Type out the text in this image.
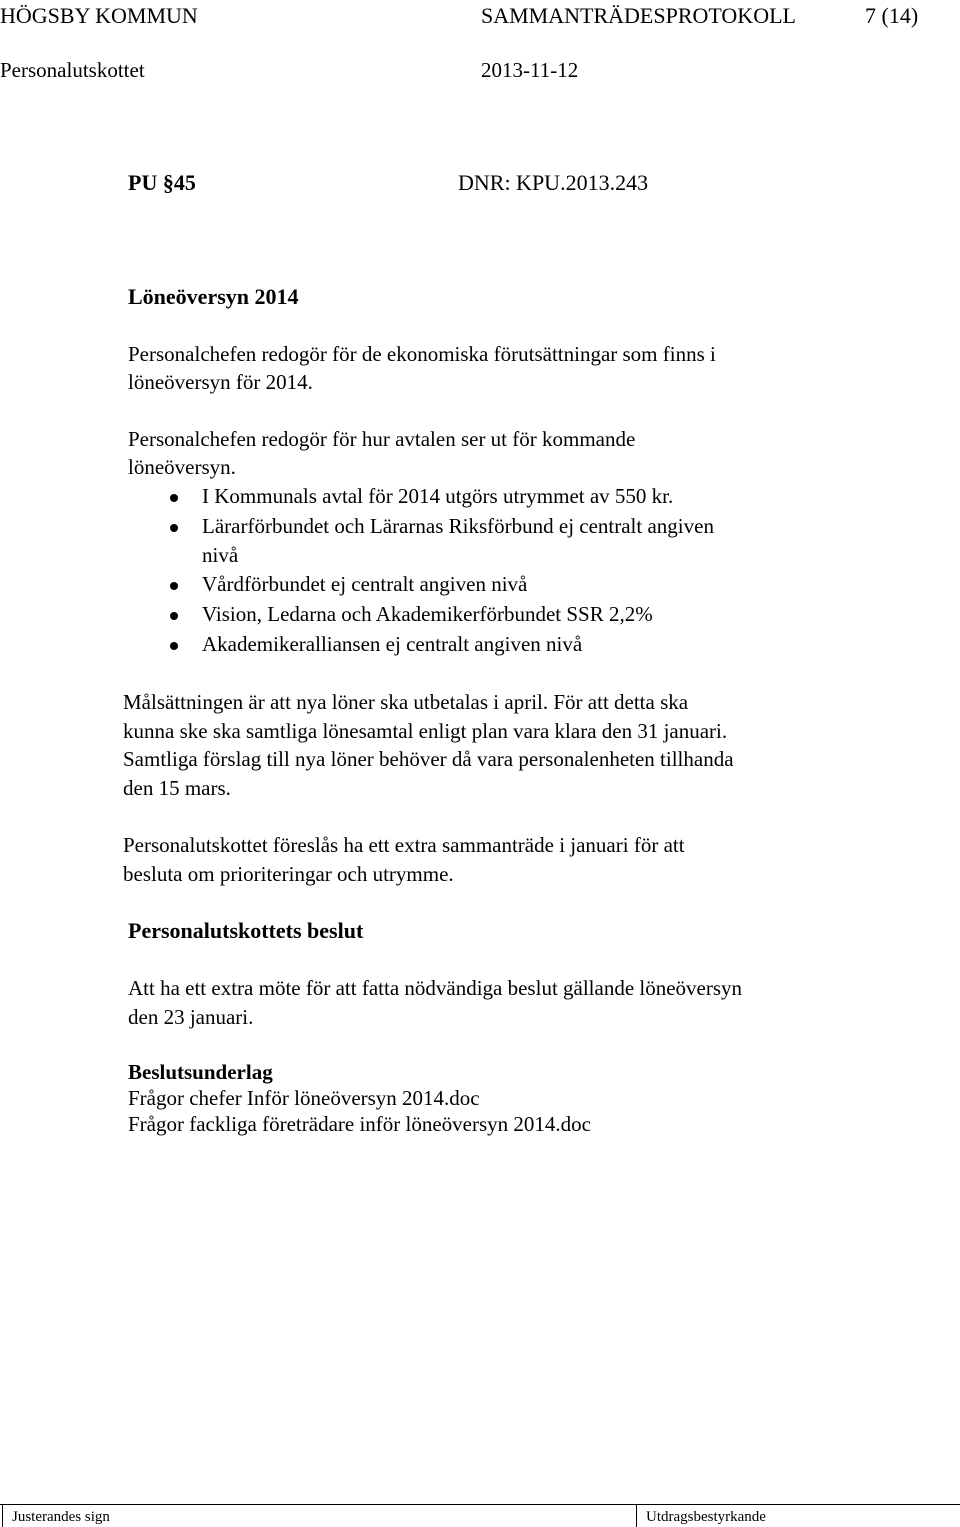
HÖGSBY KOMMUN	SAMMANTRÄDESPROTOKOLL	7 (14)
Personalutskottet	2013-11-12
PU §45	DNR: KPU.2013.243
Löneöversyn 2014
Personalchefen redogör för de ekonomiska förutsättningar som finns i
löneöversyn för 2014.
Personalchefen redogör för hur avtalen ser ut för kommande
löneöversyn.
I Kommunals avtal för 2014 utgörs utrymmet av 550 kr.
Lärarförbundet och Lärarnas Riksförbund ej centralt angiven
nivå
Vårdförbundet ej centralt angiven nivå
Vision, Ledarna och Akademikerförbundet SSR 2,2%
Akademikeralliansen ej centralt angiven nivå
Målsättningen är att nya löner ska utbetalas i april. För att detta ska
kunna ske ska samtliga lönesamtal enligt plan vara klara den 31 januari.
Samtliga förslag till nya löner behöver då vara personalenheten tillhanda
den 15 mars.
Personalutskottet föreslås ha ett extra sammanträde i januari för att
besluta om prioriteringar och utrymme.
Personalutskottets beslut
Att ha ett extra möte för att fatta nödvändiga beslut gällande löneöversyn
den 23 januari.
Beslutsunderlag
Frågor chefer Inför löneöversyn 2014.doc
Frågor fackliga företrädare inför löneöversyn 2014.doc
Justerandes sign	Utdragsbestyrkande
